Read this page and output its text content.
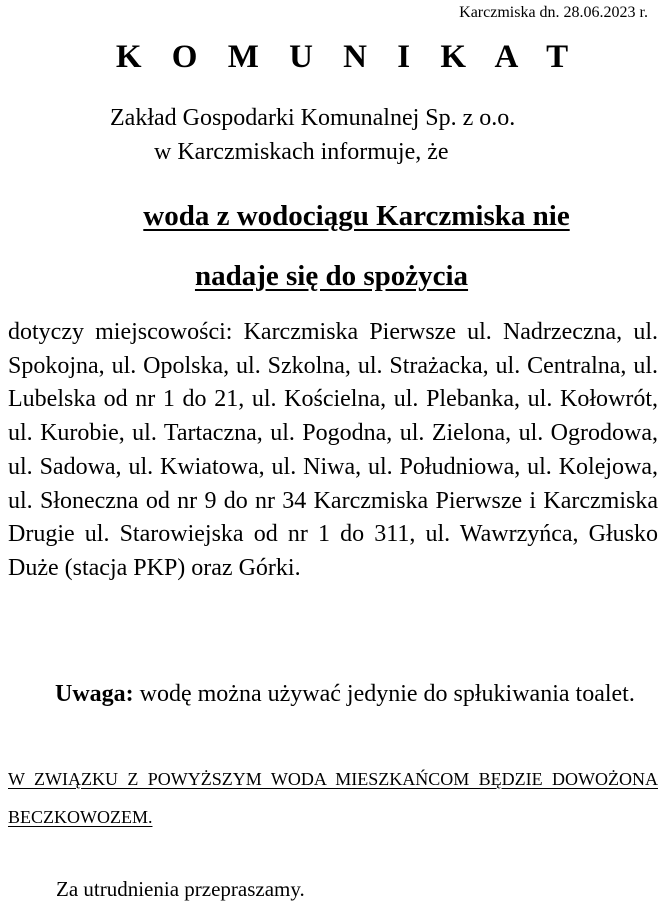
Karczmiska dn. 28.06.2023 r.
K O M U N I K A T
Zakład Gospodarki Komunalnej Sp. z o.o.
w Karczmiskach informuje, że
woda z wodociągu Karczmiska nie
nadaje się do spożycia

dotyczy miejscowości: Karczmiska Pierwsze ul. Nadrzeczna, ul. Spokojna, ul. Opolska, ul. Szkolna, ul. Strażacka, ul. Centralna, ul. Lubelska od nr 1 do 21, ul. Kościelna, ul. Plebanka, ul. Kołowrót, ul. Kurobie, ul. Tartaczna, ul. Pogodna, ul. Zielona, ul. Ogrodowa, ul. Sadowa, ul. Kwiatowa, ul. Niwa, ul. Południowa, ul. Kolejowa, ul. Słoneczna od nr 9 do nr 34 Karczmiska Pierwsze i Karczmiska Drugie ul. Starowiejska od nr 1 do 311, ul. Wawrzyńca, Głusko Duże (stacja PKP) oraz Górki.

Uwaga: wodę można używać jedynie do spłukiwania toalet.

W ZWIĄZKU Z POWYŻSZYM WODA MIESZKAŃCOM BĘDZIE DOWOŻONA BECZKOWOZEM.

Za utrudnienia przepraszamy.
